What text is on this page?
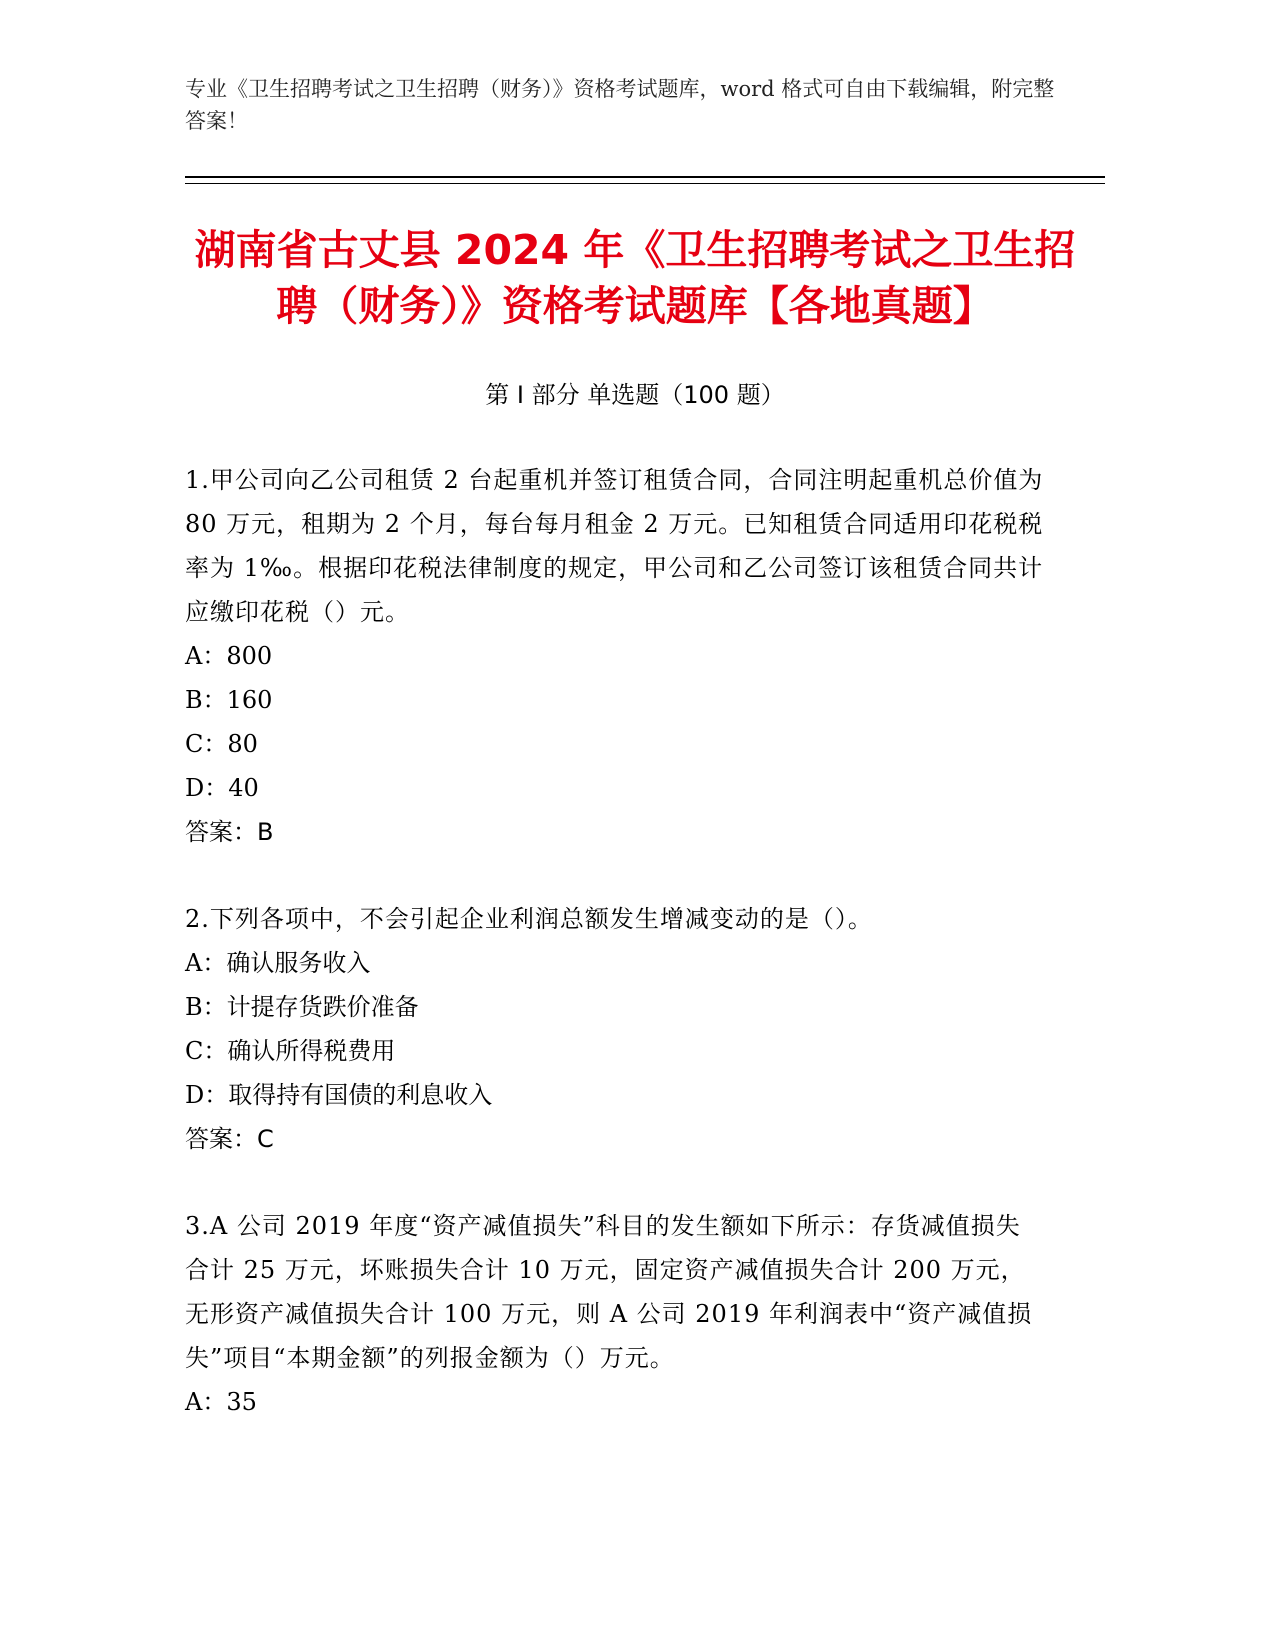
专业《卫生招聘考试之卫生招聘（财务）》资格考试题库，word 格式可自由下载编辑，附完整答案！
湖南省古丈县 2024 年《卫生招聘考试之卫生招聘（财务）》资格考试题库【各地真题】
第 I 部分 单选题（100 题）

1.甲公司向乙公司租赁 2 台起重机并签订租赁合同，合同注明起重机总价值为 80 万元，租期为 2 个月，每台每月租金 2 万元。已知租赁合同适用印花税税率为 1‰。根据印花税法律制度的规定，甲公司和乙公司签订该租赁合同共计应缴印花税（）元。

A：800

B：160

C：80

D：40

答案：B

2.下列各项中，不会引起企业利润总额发生增减变动的是（）。

A：确认服务收入

B：计提存货跌价准备

C：确认所得税费用

D：取得持有国债的利息收入

答案：C

3.A 公司 2019 年度“资产减值损失”科目的发生额如下所示：存货减值损失合计 25 万元，坏账损失合计 10 万元，固定资产减值损失合计 200 万元，无形资产减值损失合计 100 万元，则 A 公司 2019 年利润表中“资产减值损失”项目“本期金额”的列报金额为（）万元。

A：35
